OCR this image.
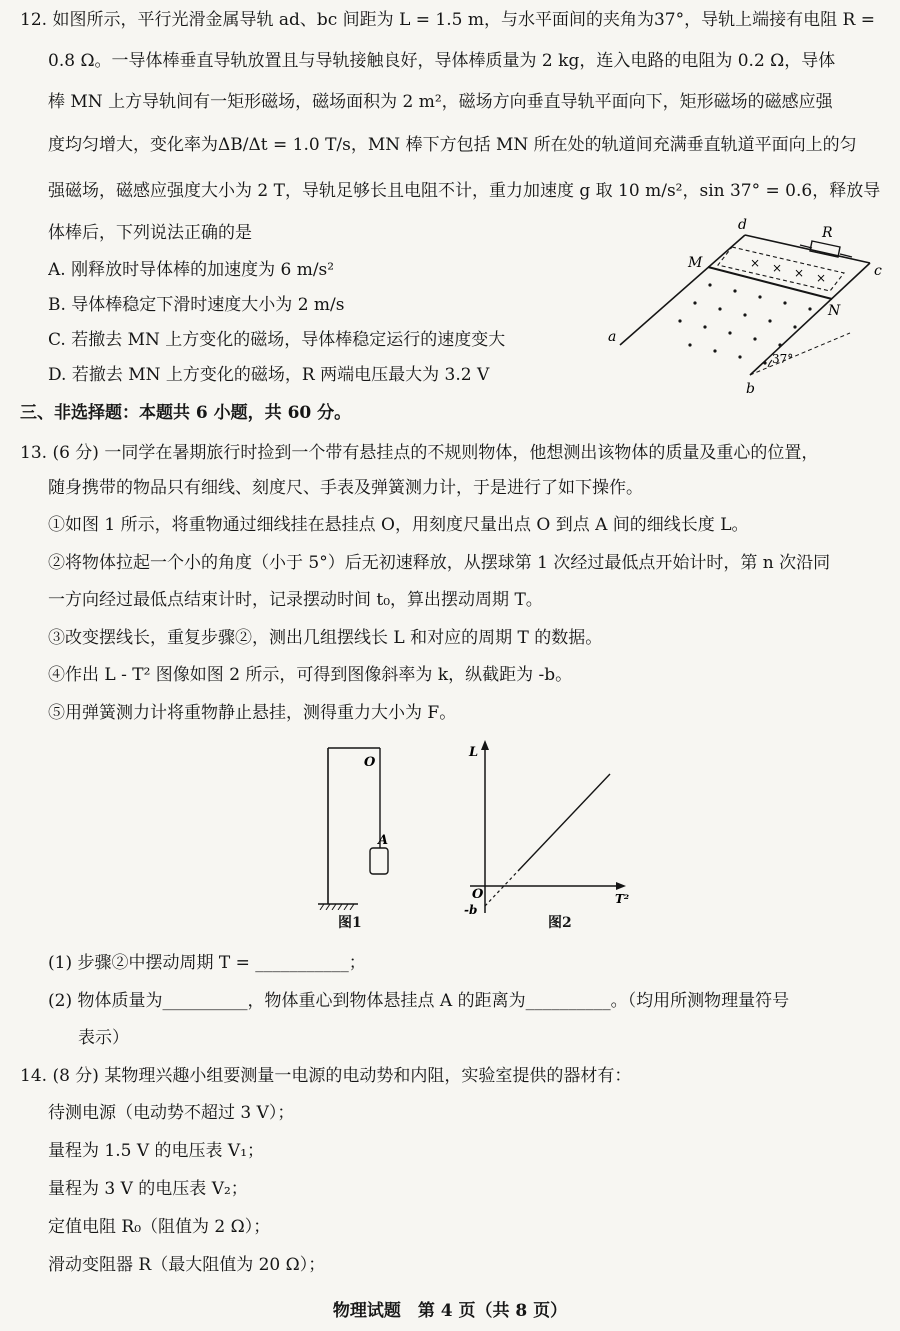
12. 如图所示，平行光滑金属导轨 ad、bc 间距为 L = 1.5 m，与水平面间的夹角为37°，导轨上端接有电阻 R =
0.8 Ω。一导体棒垂直导轨放置且与导轨接触良好，导体棒质量为 2 kg，连入电路的电阻为 0.2 Ω，导体
棒 MN 上方导轨间有一矩形磁场，磁场面积为 2 m²，磁场方向垂直导轨平面向下，矩形磁场的磁感应强
度均匀增大，变化率为ΔB/Δt = 1.0 T/s，MN 棒下方包括 MN 所在处的轨道间充满垂直轨道平面向上的匀
强磁场，磁感应强度大小为 2 T，导轨足够长且电阻不计，重力加速度 g 取 10 m/s²，sin 37° = 0.6，释放导
体棒后，下列说法正确的是
A. 刚释放时导体棒的加速度为 6 m/s²
B. 导体棒稳定下滑时速度大小为 2 m/s
C. 若撤去 MN 上方变化的磁场，导体棒稳定运行的速度变大
D. 若撤去 MN 上方变化的磁场，R 两端电压最大为 3.2 V
× × × ×
37°
d	R
M	c
N
a
b
三、非选择题：本题共 6 小题，共 60 分。
13. (6 分) 一同学在暑期旅行时捡到一个带有悬挂点的不规则物体，他想测出该物体的质量及重心的位置，
随身携带的物品只有细线、刻度尺、手表及弹簧测力计，于是进行了如下操作。
①如图 1 所示，将重物通过细线挂在悬挂点 O，用刻度尺量出点 O 到点 A 间的细线长度 L。
②将物体拉起一个小的角度（小于 5°）后无初速释放，从摆球第 1 次经过最低点开始计时，第 n 次沿同
一方向经过最低点结束计时，记录摆动时间 t₀，算出摆动周期 T。
③改变摆线长，重复步骤②，测出几组摆线长 L 和对应的周期 T 的数据。
④作出 L - T² 图像如图 2 所示，可得到图像斜率为 k，纵截距为 -b。
⑤用弹簧测力计将重物静止悬挂，测得重力大小为 F。
O
A
图1
L
T²
O
-b
图2
(1) 步骤②中摆动周期 T = ___________；
(2) 物体质量为__________，物体重心到物体悬挂点 A 的距离为__________。（均用所测物理量符号
表示）
14. (8 分) 某物理兴趣小组要测量一电源的电动势和内阻，实验室提供的器材有：
待测电源（电动势不超过 3 V）；
量程为 1.5 V 的电压表 V₁；
量程为 3 V 的电压表 V₂；
定值电阻 R₀（阻值为 2 Ω）；
滑动变阻器 R（最大阻值为 20 Ω）；
物理试题　第 4 页（共 8 页）
